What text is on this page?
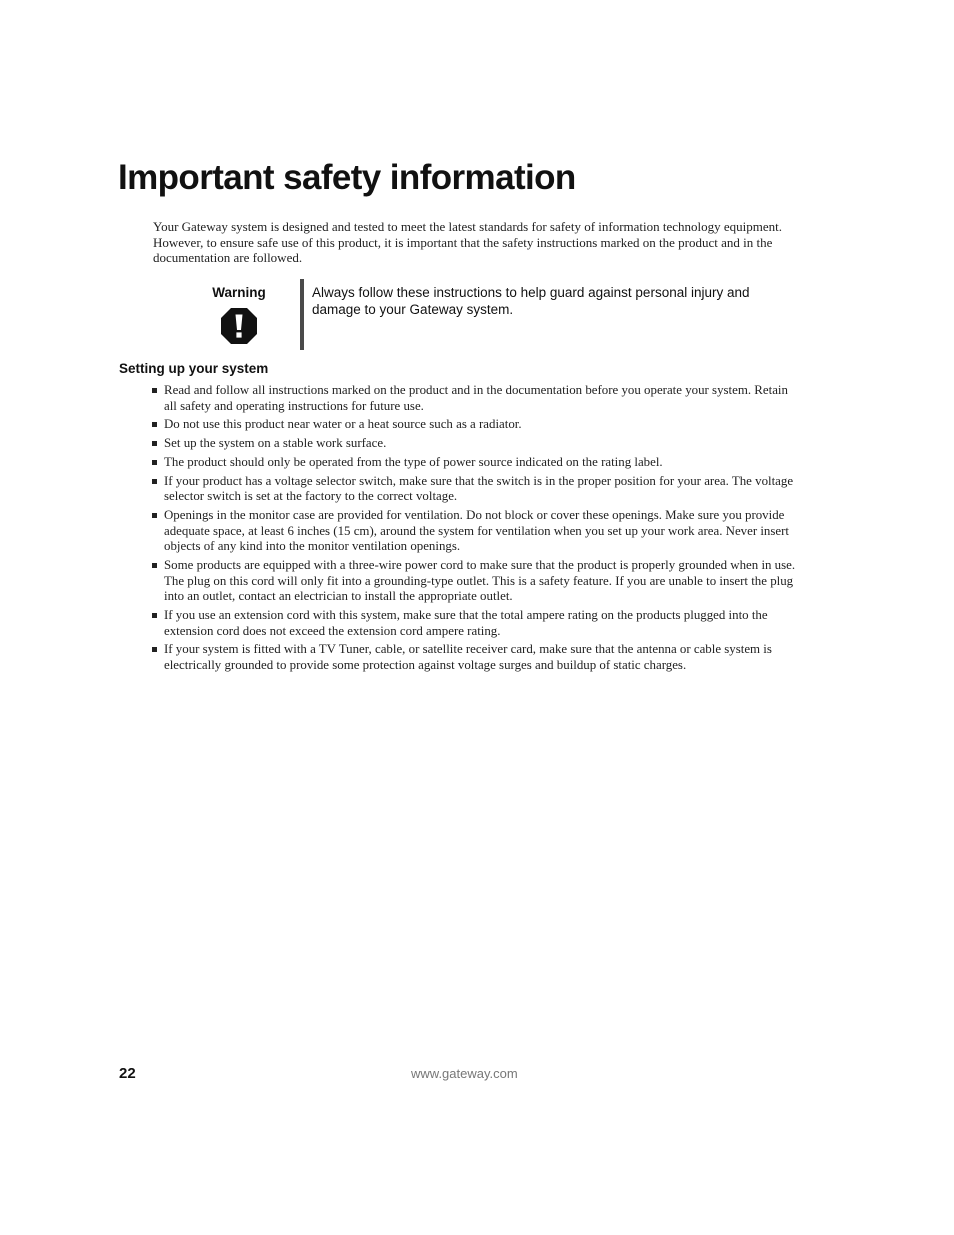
Important safety information

Your Gateway system is designed and tested to meet the latest standards for safety of information technology equipment. However, to ensure safe use of this product, it is important that the safety instructions marked on the product and in the documentation are followed.

Warning	Always follow these instructions to help guard against personal injury and damage to your Gateway system.

Setting up your system
Read and follow all instructions marked on the product and in the documentation before you operate your system. Retain all safety and operating instructions for future use.
Do not use this product near water or a heat source such as a radiator.
Set up the system on a stable work surface.
The product should only be operated from the type of power source indicated on the rating label.
If your product has a voltage selector switch, make sure that the switch is in the proper position for your area. The voltage selector switch is set at the factory to the correct voltage.
Openings in the monitor case are provided for ventilation. Do not block or cover these openings. Make sure you provide adequate space, at least 6 inches (15 cm), around the system for ventilation when you set up your work area. Never insert objects of any kind into the monitor ventilation openings.
Some products are equipped with a three-wire power cord to make sure that the product is properly grounded when in use. The plug on this cord will only fit into a grounding-type outlet. This is a safety feature. If you are unable to insert the plug into an outlet, contact an electrician to install the appropriate outlet.
If you use an extension cord with this system, make sure that the total ampere rating on the products plugged into the extension cord does not exceed the extension cord ampere rating.
If your system is fitted with a TV Tuner, cable, or satellite receiver card, make sure that the antenna or cable system is electrically grounded to provide some protection against voltage surges and buildup of static charges.
22	www.gateway.com
